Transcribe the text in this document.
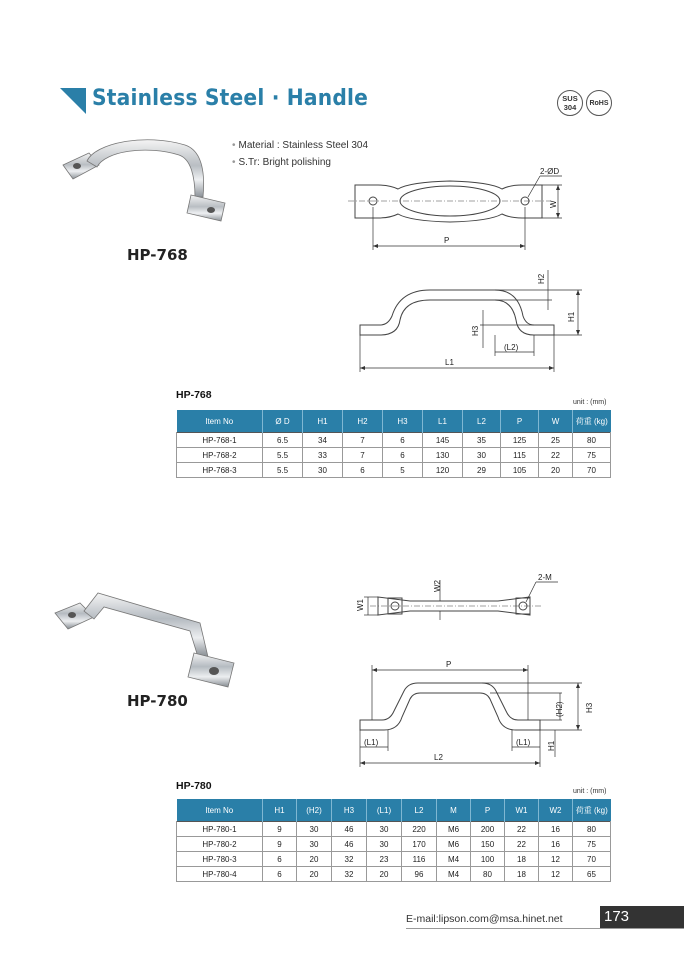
Stainless Steel · Handle	SUS
304 RoHS
• Material : Stainless Steel 304
• S.Tr: Bright polishing
HP-768
2-ØD
P
W
L1
(L2)
H1
H2
H3
HP-768
unit : (mm)
Item No	Ø D	H1	H2	H3	L1	L2	P	W	荷重 (kg)
HP-768-1	6.5	34	7	6	145	35	125	25	80
HP-768-2	5.5	33	7	6	130	30	115	22	75
HP-768-3	5.5	30	6	5	120	29	105	20	70
HP-780
2-M
W1
W2
P
L2
(L1)	(L1)
H3
(H2)
H1
HP-780	unit : (mm)
Item No	H1	(H2)	H3	(L1)	L2	M	P	W1	W2	荷重 (kg)
HP-780-1	9	30	46	30	220	M6	200	22	16	80
HP-780-2	9	30	46	30	170	M6	150	22	16	75
HP-780-3	6	20	32	23	116	M4	100	18	12	70
HP-780-4	6	20	32	20	96	M4	80	18	12	65
E-mail:lipson.com@msa.hinet.net	173
